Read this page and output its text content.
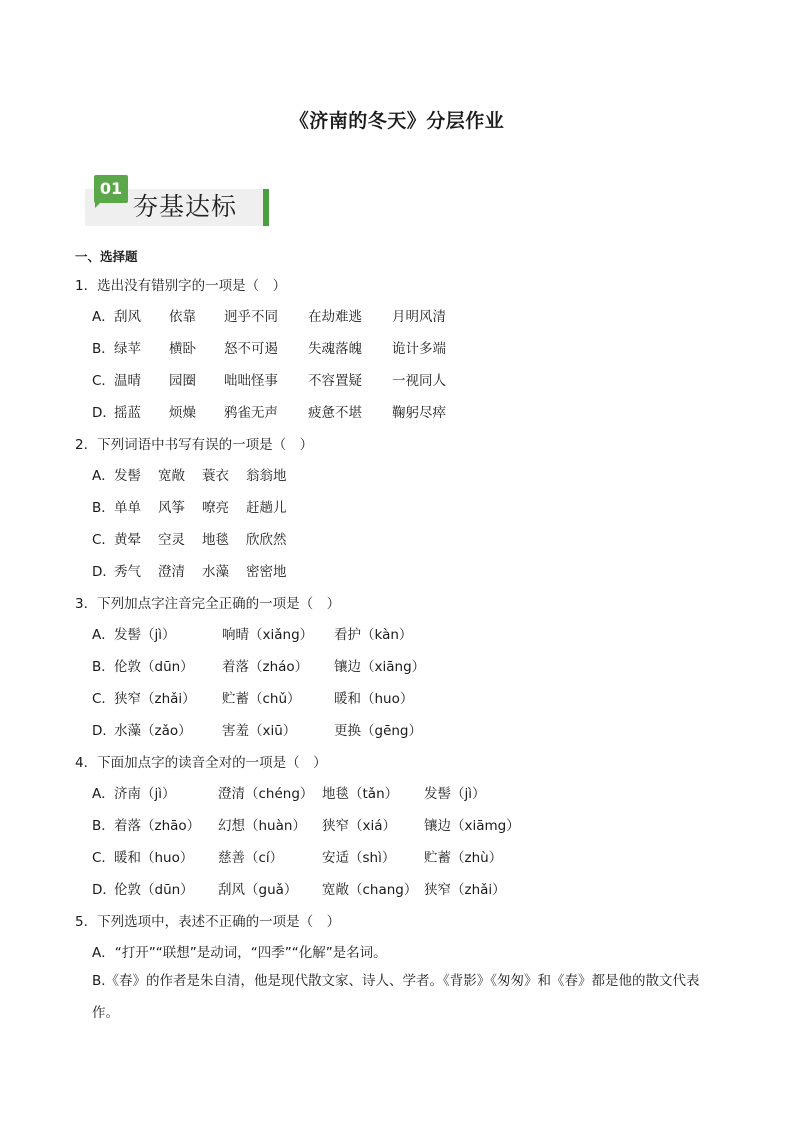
《济南的冬天》分层作业
01
夯基达标
一、选择题
1．选出没有错别字的一项是（　）
A．刮风 依靠 迥乎不同 在劫难逃 月明风清
B．绿苹 横卧 怒不可遏 失魂落魄 诡计多端
C．温晴 园圈 咄咄怪事 不容置疑 一视同人
D．摇蓝 烦燥 鸦雀无声 疲惫不堪 鞠躬尽瘁
2．下列词语中书写有误的一项是（　）
A．发髻 宽敞 蓑衣 翁翁地
B．单单 风筝 嘹亮 赶趟儿
C．黄晕 空灵 地毯 欣欣然
D．秀气 澄清 水藻 密密地
3．下列加点字注音完全正确的一项是（　）
A．发髻（jì）	响晴（xiǎng） 看护（kàn）
B．伦敦（dūn） 着落（zháo） 镶边（xiāng）
C．狭窄（zhǎi） 贮蓄（chǔ） 暖和（huo）
D．水藻（zǎo） 害羞（xiū）	更换（gēng）
4．下面加点字的读音全对的一项是（　）
A．济南（jì）	澄清（chéng） 地毯（tǎn） 发髻（jì）
B．着落（zhāo） 幻想（huàn） 狭窄（xiá） 镶边（xiāmg）
C．暖和（huo） 慈善（cí）	安适（shì） 贮蓄（zhù）
D．伦敦（dūn） 刮风（guǎ） 宽敞（chang） 狭窄（zhǎi）
5．下列选项中，表述不正确的一项是（　）
A．“打开”“联想”是动词，“四季”“化解”是名词。
B.《春》的作者是朱自清，他是现代散文家、诗人、学者。《背影》《匆匆》和《春》都是他的散文代表
作。
